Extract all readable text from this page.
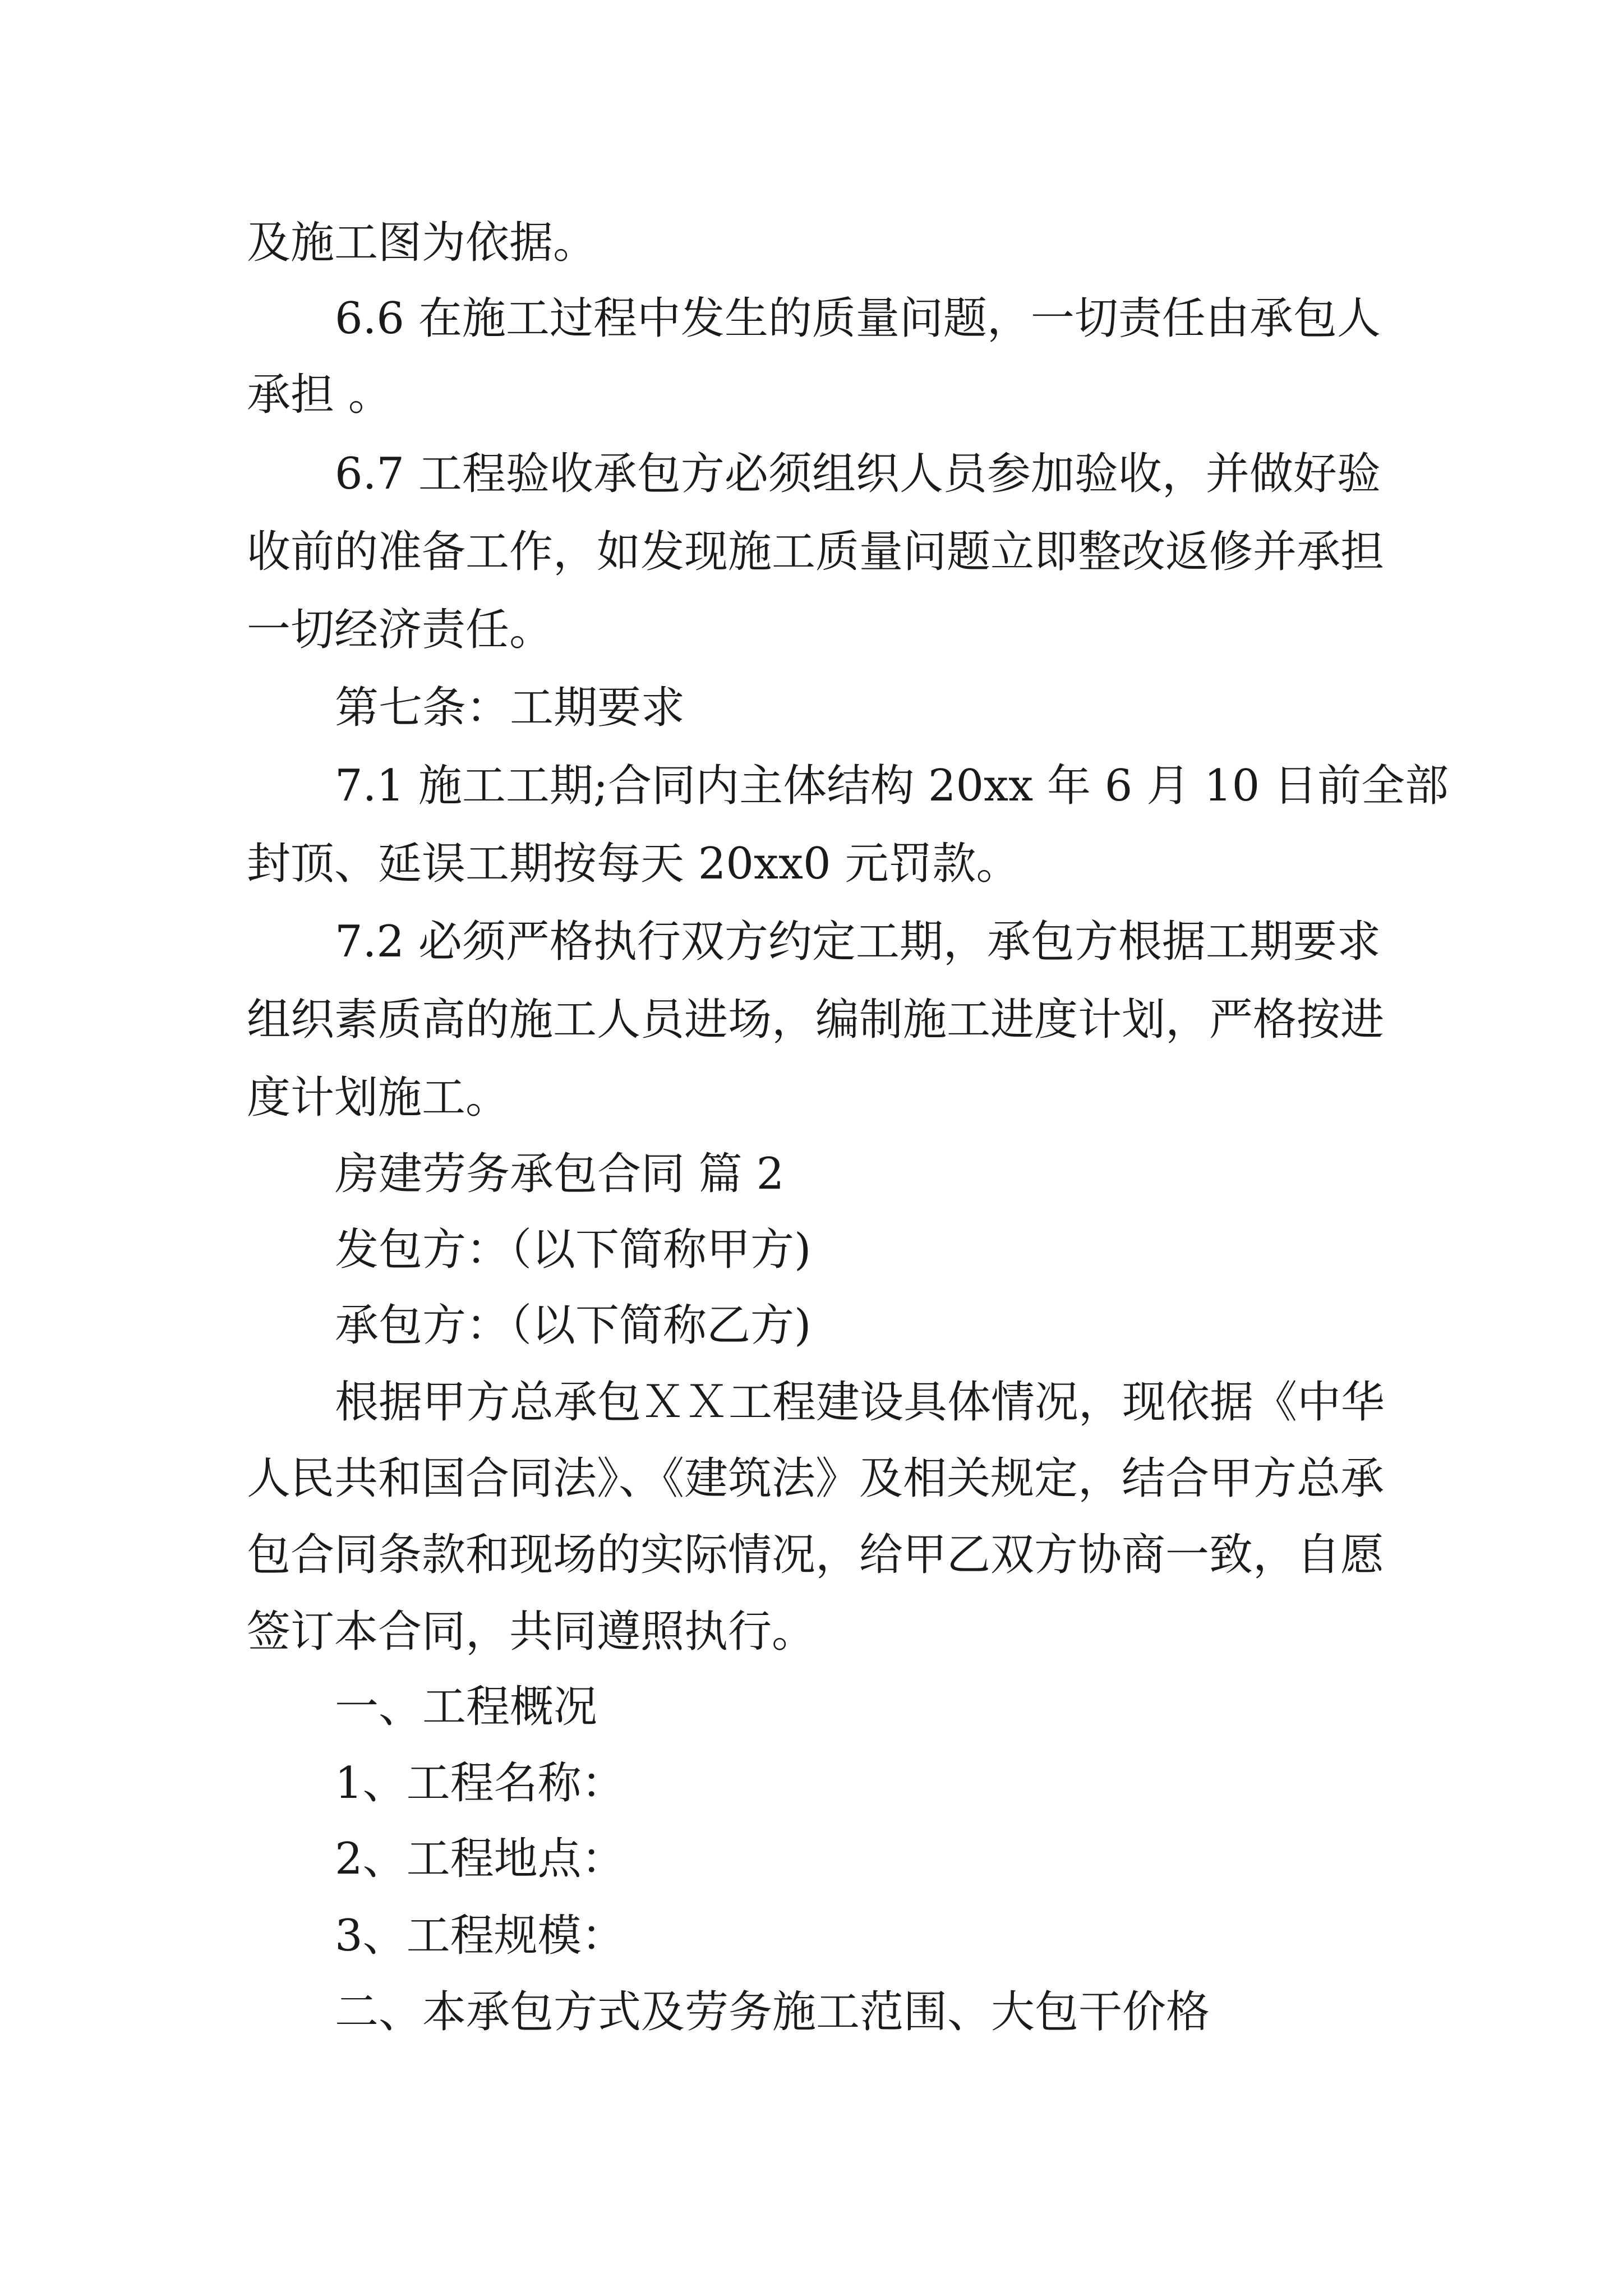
及施工图为依据。

6.6 在施工过程中发生的质量问题，一切责任由承包人

承担 。

6.7 工程验收承包方必须组织人员参加验收，并做好验

收前的准备工作，如发现施工质量问题立即整改返修并承担

一切经济责任。

第七条：工期要求

7.1 施工工期;合同内主体结构 20xx 年 6 月 10 日前全部

封顶、延误工期按每天 20xx0 元罚款。

7.2 必须严格执行双方约定工期，承包方根据工期要求

组织素质高的施工人员进场，编制施工进度计划，严格按进

度计划施工。

房建劳务承包合同 篇 2

发包方：（以下简称甲方)

承包方：（以下简称乙方)

根据甲方总承包ＸＸ工程建设具体情况，现依据《中华

人民共和国合同法》、《建筑法》及相关规定，结合甲方总承

包合同条款和现场的实际情况，给甲乙双方协商一致，自愿

签订本合同，共同遵照执行。

一、工程概况

1、工程名称：

2、工程地点：

3、工程规模：

二、本承包方式及劳务施工范围、大包干价格
